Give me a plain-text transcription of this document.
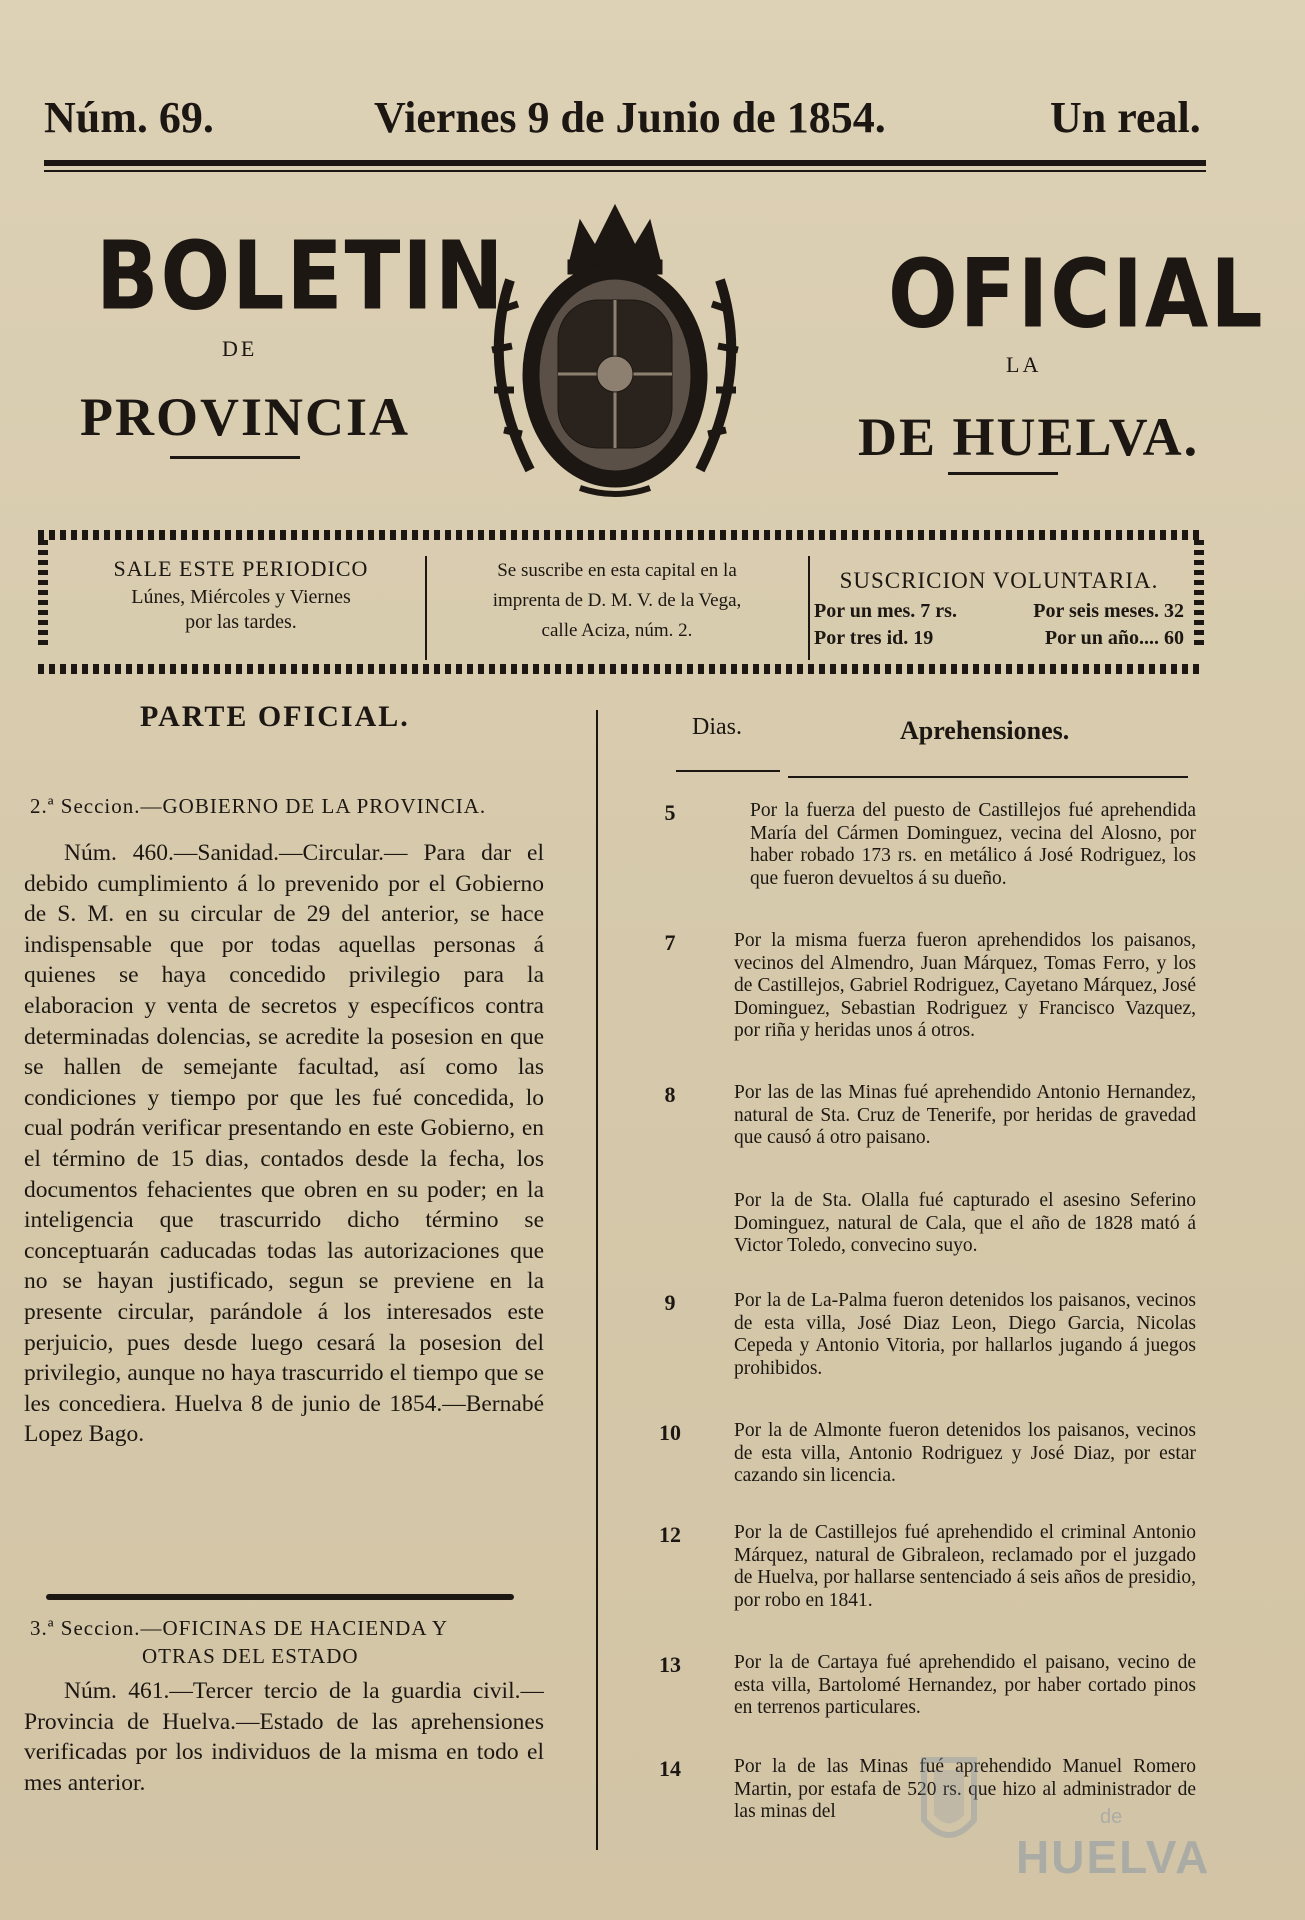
Núm. 69.	Viernes 9 de Junio de 1854.	Un real.
BOLETIN
DE
PROVINCIA
OFICIAL
LA
DE HUELVA.
SALE ESTE PERIODICO
Lúnes, Miércoles y Viernes
por las tardes.
Se suscribe en esta capital en la
imprenta de D. M. V. de la Vega,
calle Aciza, núm. 2.
SUSCRICION VOLUNTARIA.
Por un mes. 7 rs.	Por seis meses. 32
Por tres id. 19	Por un año.... 60
PARTE OFICIAL.
2.ª Seccion.—GOBIERNO DE LA PROVINCIA.
Núm. 460.—Sanidad.—Circular.— Para dar el debido cumplimiento á lo prevenido por el Gobierno de S. M. en su circular de 29 del anterior, se hace indispensable que por todas aquellas personas á quienes se haya concedido privilegio para la elaboracion y venta de secretos y específicos contra determinadas dolencias, se acredite la posesion en que se hallen de semejante facultad, así como las condiciones y tiempo por que les fué concedida, lo cual podrán verificar presentando en este Gobierno, en el término de 15 dias, contados desde la fecha, los documentos fehacientes que obren en su poder; en la inteligencia que trascurrido dicho término se conceptuarán caducadas todas las autorizaciones que no se hayan justificado, segun se previene en la presente circular, parándole á los interesados este perjuicio, pues desde luego cesará la posesion del privilegio, aunque no haya trascurrido el tiempo que se les concediera. Huelva 8 de junio de 1854.—Bernabé Lopez Bago.
3.ª Seccion.—OFICINAS DE HACIENDA Y
OTRAS DEL ESTADO
Núm. 461.—Tercer tercio de la guardia civil.—Provincia de Huelva.—Estado de las aprehensiones verificadas por los individuos de la misma en todo el mes anterior.
Dias.	Aprehensiones.
5	Por la fuerza del puesto de Castillejos fué aprehendida María del Cármen Dominguez, vecina del Alosno, por haber robado 173 rs. en metálico á José Rodriguez, los que fueron devueltos á su dueño.
7	Por la misma fuerza fueron aprehendidos los paisanos, vecinos del Almendro, Juan Márquez, Tomas Ferro, y los de Castillejos, Gabriel Rodriguez, Cayetano Márquez, José Dominguez, Sebastian Rodriguez y Francisco Vazquez, por riña y heridas unos á otros.
8	Por las de las Minas fué aprehendido Antonio Hernandez, natural de Sta. Cruz de Tenerife, por heridas de gravedad que causó á otro paisano.
Por la de Sta. Olalla fué capturado el asesino Seferino Dominguez, natural de Cala, que el año de 1828 mató á Victor Toledo, convecino suyo.
9	Por la de La-Palma fueron detenidos los paisanos, vecinos de esta villa, José Diaz Leon, Diego Garcia, Nicolas Cepeda y Antonio Vitoria, por hallarlos jugando á juegos prohibidos.
10	Por la de Almonte fueron detenidos los paisanos, vecinos de esta villa, Antonio Rodriguez y José Diaz, por estar cazando sin licencia.
12	Por la de Castillejos fué aprehendido el criminal Antonio Márquez, natural de Gibraleon, reclamado por el juzgado de Huelva, por hallarse sentenciado á seis años de presidio, por robo en 1841.
13	Por la de Cartaya fué aprehendido el paisano, vecino de esta villa, Bartolomé Hernandez, por haber cortado pinos en terrenos particulares.
14	Por la de las Minas fué aprehendido Manuel Romero Martin, por estafa de 520 rs. que hizo al administrador de las minas del	de
HUELVA
